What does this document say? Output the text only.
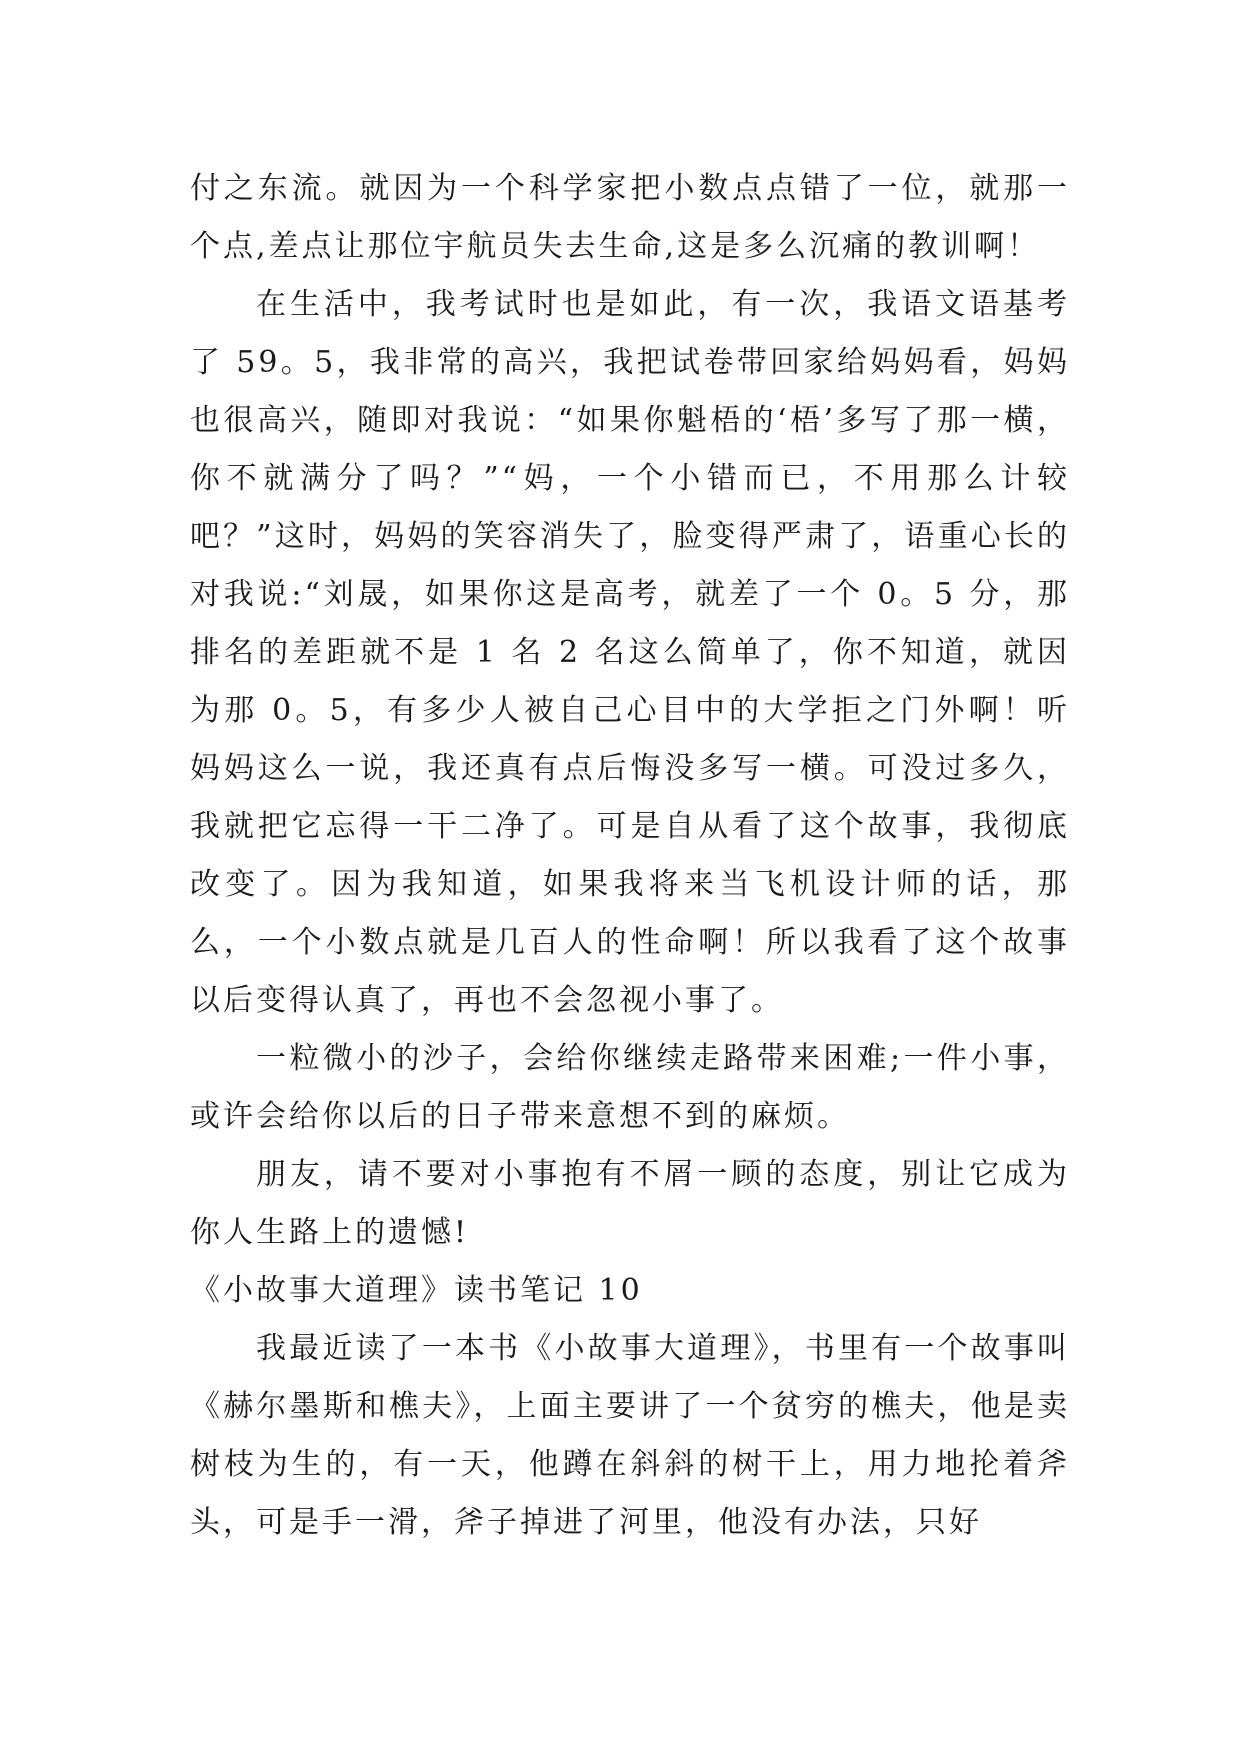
付之东流。就因为一个科学家把小数点点错了一位，就那一个点,差点让那位宇航员失去生命,这是多么沉痛的教训啊！

在生活中，我考试时也是如此，有一次，我语文语基考了 59。5，我非常的高兴，我把试卷带回家给妈妈看，妈妈也很高兴，随即对我说：“如果你魁梧的‘梧’多写了那一横，你不就满分了吗？”“妈，一个小错而已，不用那么计较吧？”这时，妈妈的笑容消失了，脸变得严肃了，语重心长的对我说:“刘晟，如果你这是高考，就差了一个 0。5 分，那排名的差距就不是 1 名 2 名这么简单了，你不知道，就因为那 0。5，有多少人被自己心目中的大学拒之门外啊！听妈妈这么一说，我还真有点后悔没多写一横。可没过多久，我就把它忘得一干二净了。可是自从看了这个故事，我彻底改变了。因为我知道，如果我将来当飞机设计师的话，那么，一个小数点就是几百人的性命啊！所以我看了这个故事以后变得认真了，再也不会忽视小事了。

一粒微小的沙子，会给你继续走路带来困难;一件小事，或许会给你以后的日子带来意想不到的麻烦。

朋友，请不要对小事抱有不屑一顾的态度，别让它成为你人生路上的遗憾!

《小故事大道理》读书笔记 10

我最近读了一本书《小故事大道理》，书里有一个故事叫《赫尔墨斯和樵夫》，上面主要讲了一个贫穷的樵夫，他是卖树枝为生的，有一天，他蹲在斜斜的树干上，用力地抡着斧头，可是手一滑，斧子掉进了河里，他没有办法，只好
